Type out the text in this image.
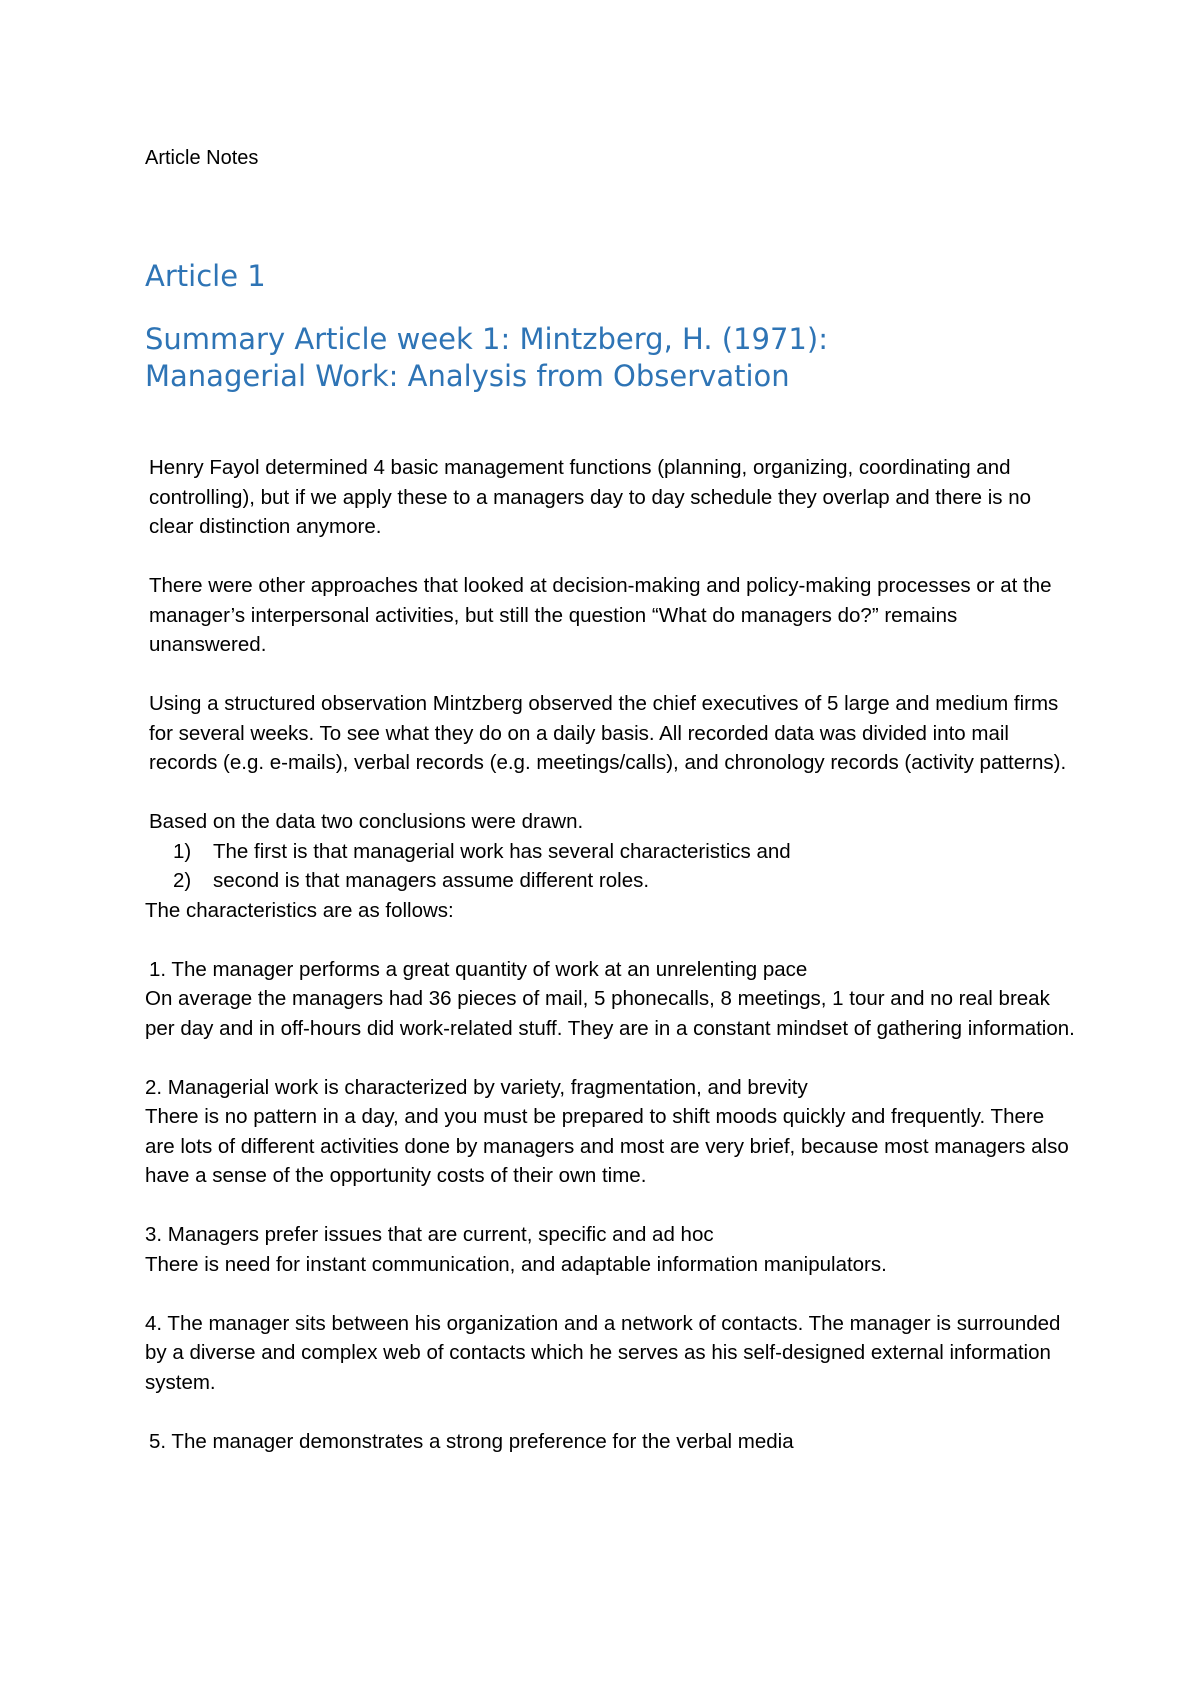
Article Notes

Article 1
Summary Article week 1: Mintzberg, H. (1971):
Managerial Work: Analysis from Observation

Henry Fayol determined 4 basic management functions (planning, organizing, coordinating and controlling), but if we apply these to a managers day to day schedule they overlap and there is no clear distinction anymore.

There were other approaches that looked at decision-making and policy-making processes or at the manager’s interpersonal activities, but still the question “What do managers do?” remains unanswered.

Using a structured observation Mintzberg observed the chief executives of 5 large and medium firms for several weeks. To see what they do on a daily basis. All recorded data was divided into mail records (e.g. e-mails), verbal records (e.g. meetings/calls), and chronology records (activity patterns).

Based on the data two conclusions were drawn.

1) The first is that managerial work has several characteristics and
2) second is that managers assume different roles.

The characteristics are as follows:

1. The manager performs a great quantity of work at an unrelenting pace
On average the managers had 36 pieces of mail, 5 phonecalls, 8 meetings, 1 tour and no real break per day and in off-hours did work-related stuff. They are in a constant mindset of gathering information.

2. Managerial work is characterized by variety, fragmentation, and brevity
There is no pattern in a day, and you must be prepared to shift moods quickly and frequently. There are lots of different activities done by managers and most are very brief, because most managers also have a sense of the opportunity costs of their own time.

3. Managers prefer issues that are current, specific and ad hoc
There is need for instant communication, and adaptable information manipulators.

4. The manager sits between his organization and a network of contacts. The manager is surrounded by a diverse and complex web of contacts which he serves as his self-designed external information system.

5. The manager demonstrates a strong preference for the verbal media
